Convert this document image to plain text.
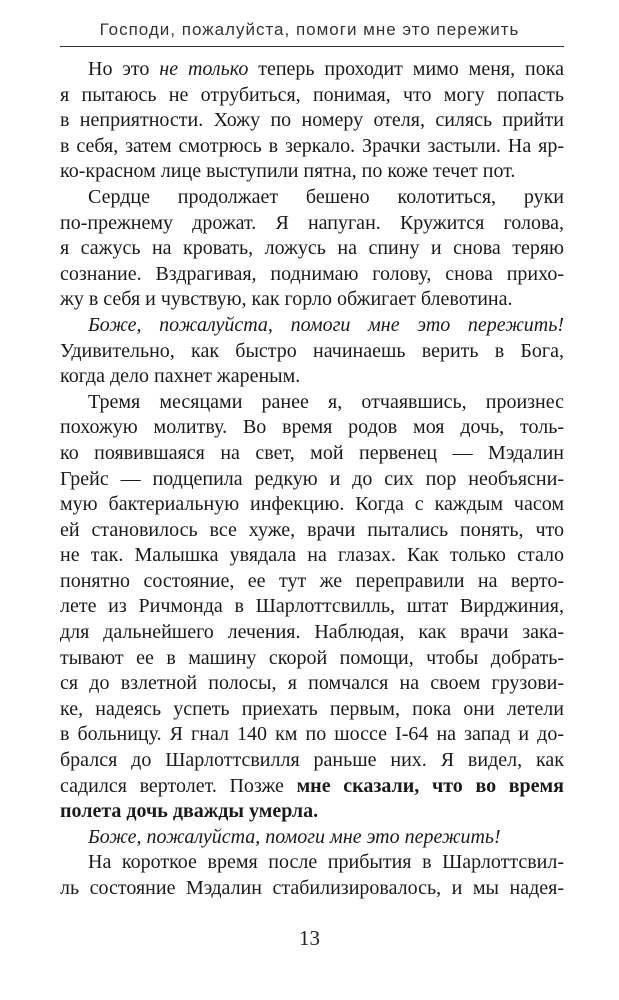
Господи, пожалуйста, помоги мне это пережить
Но это не только теперь проходит мимо меня, пока
я пытаюсь не отрубиться, понимая, что могу попасть
в неприятности. Хожу по номеру отеля, силясь прийти
в себя, затем смотрюсь в зеркало. Зрачки застыли. На яр-
ко-красном лице выступили пятна, по коже течет пот.
Сердце продолжает бешено колотиться, руки
по-прежнему дрожат. Я напуган. Кружится голова,
я сажусь на кровать, ложусь на спину и снова теряю
сознание. Вздрагивая, поднимаю голову, снова прихо-
жу в себя и чувствую, как горло обжигает блевотина.
Боже, пожалуйста, помоги мне это пережить!
Удивительно, как быстро начинаешь верить в Бога,
когда дело пахнет жареным.
Тремя месяцами ранее я, отчаявшись, произнес
похожую молитву. Во время родов моя дочь, толь-
ко появившаяся на свет, мой первенец — Мэдалин
Грейс — подцепила редкую и до сих пор необъясни-
мую бактериальную инфекцию. Когда с каждым часом
ей становилось все хуже, врачи пытались понять, что
не так. Малышка увядала на глазах. Как только стало
понятно состояние, ее тут же переправили на верто-
лете из Ричмонда в Шарлоттсвилль, штат Вирджиния,
для дальнейшего лечения. Наблюдая, как врачи зака-
тывают ее в машину скорой помощи, чтобы добрать-
ся до взлетной полосы, я помчался на своем грузови-
ке, надеясь успеть приехать первым, пока они летели
в больницу. Я гнал 140 км по шоссе I-64 на запад и до-
брался до Шарлоттсвилля раньше них. Я видел, как
садился вертолет. Позже мне сказали, что во время
полета дочь дважды умерла.
Боже, пожалуйста, помоги мне это пережить!
На короткое время после прибытия в Шарлоттсвил-
ль состояние Мэдалин стабилизировалось, и мы надея-
13
